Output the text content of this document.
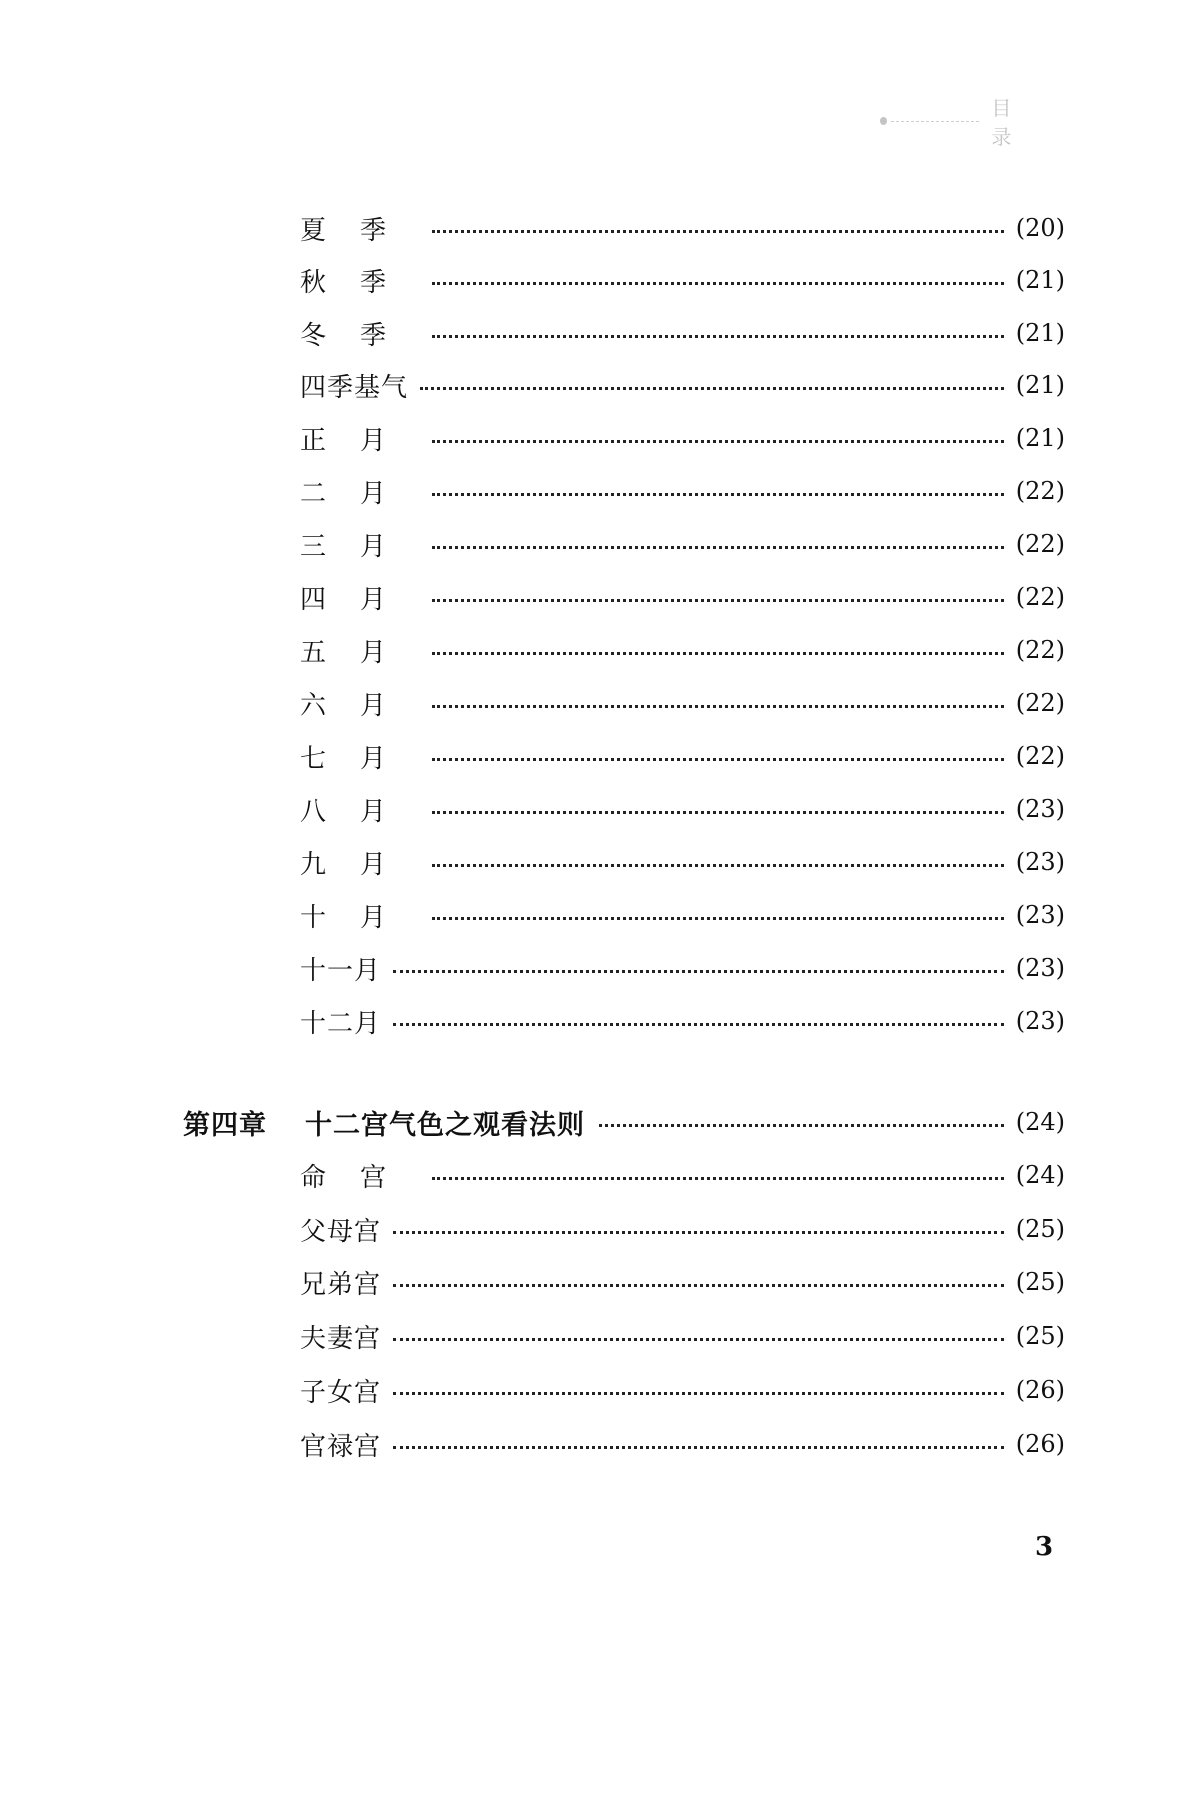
目 录
夏季	(20)
秋季	(21)
冬季	(21)
四季基气	(21)
正月	(21)
二月	(22)
三月	(22)
四月	(22)
五月	(22)
六月	(22)
七月	(22)
八月	(23)
九月	(23)
十月	(23)
十一月	(23)
十二月	(23)
第四章	十二宫气色之观看法则	(24)
命宫	(24)
父母宫	(25)
兄弟宫	(25)
夫妻宫	(25)
子女宫	(26)
官禄宫	(26)
3
